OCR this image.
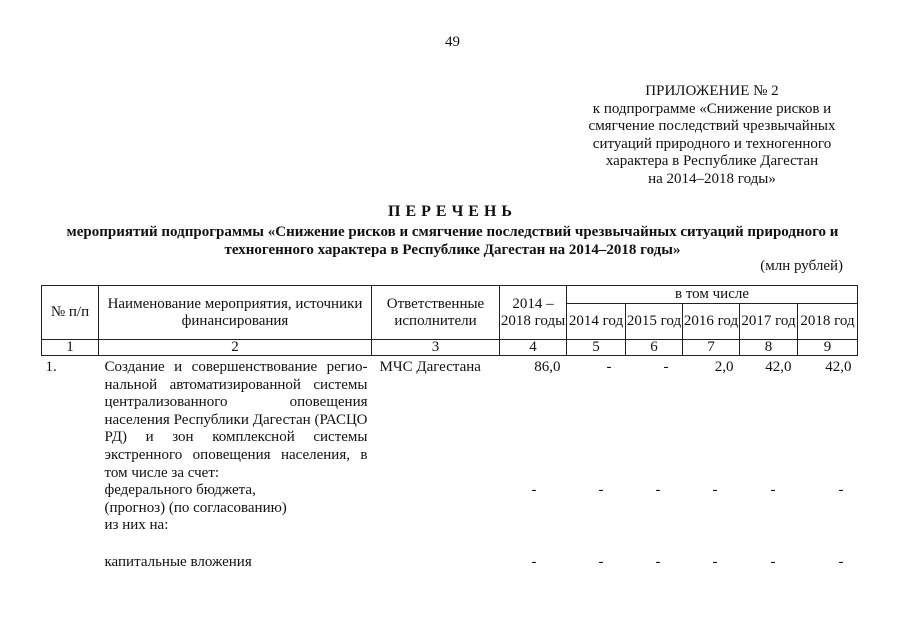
49
ПРИЛОЖЕНИЕ № 2
к подпрограмме «Снижение рисков и
смягчение последствий чрезвычайных
ситуаций природного и техногенного
характера в Республике Дагестан
на 2014–2018 годы»
ПЕРЕЧЕНЬ
мероприятий подпрограммы «Снижение рисков и смягчение последствий чрезвычайных ситуаций природного и
техногенного характера в Республике Дагестан на 2014–2018 годы»
(млн рублей)
№ п/п	Наименование мероприятия, источники финансирования	Ответственные исполнители	2014 – 2018 годы	в том числе				
				2014 год	2015 год	2016 год	2017 год	2018 год
1	2	3	4	5	6	7	8	9
1.	Создание и совершенствование региональной автоматизированной системы централизованного оповещения населения Республики Дагестан (РАСЦО РД) и зон комплексной системы экстренного оповещения населения, в том числе за счет:	МЧС Дагестана	86,0	-	-	2,0	42,0	42,0

	федерального бюджета,
(прогноз) (по согласованию)
из них на:		-	-	-	-	-	-
	капитальные вложения		-	-	-	-	-	-
